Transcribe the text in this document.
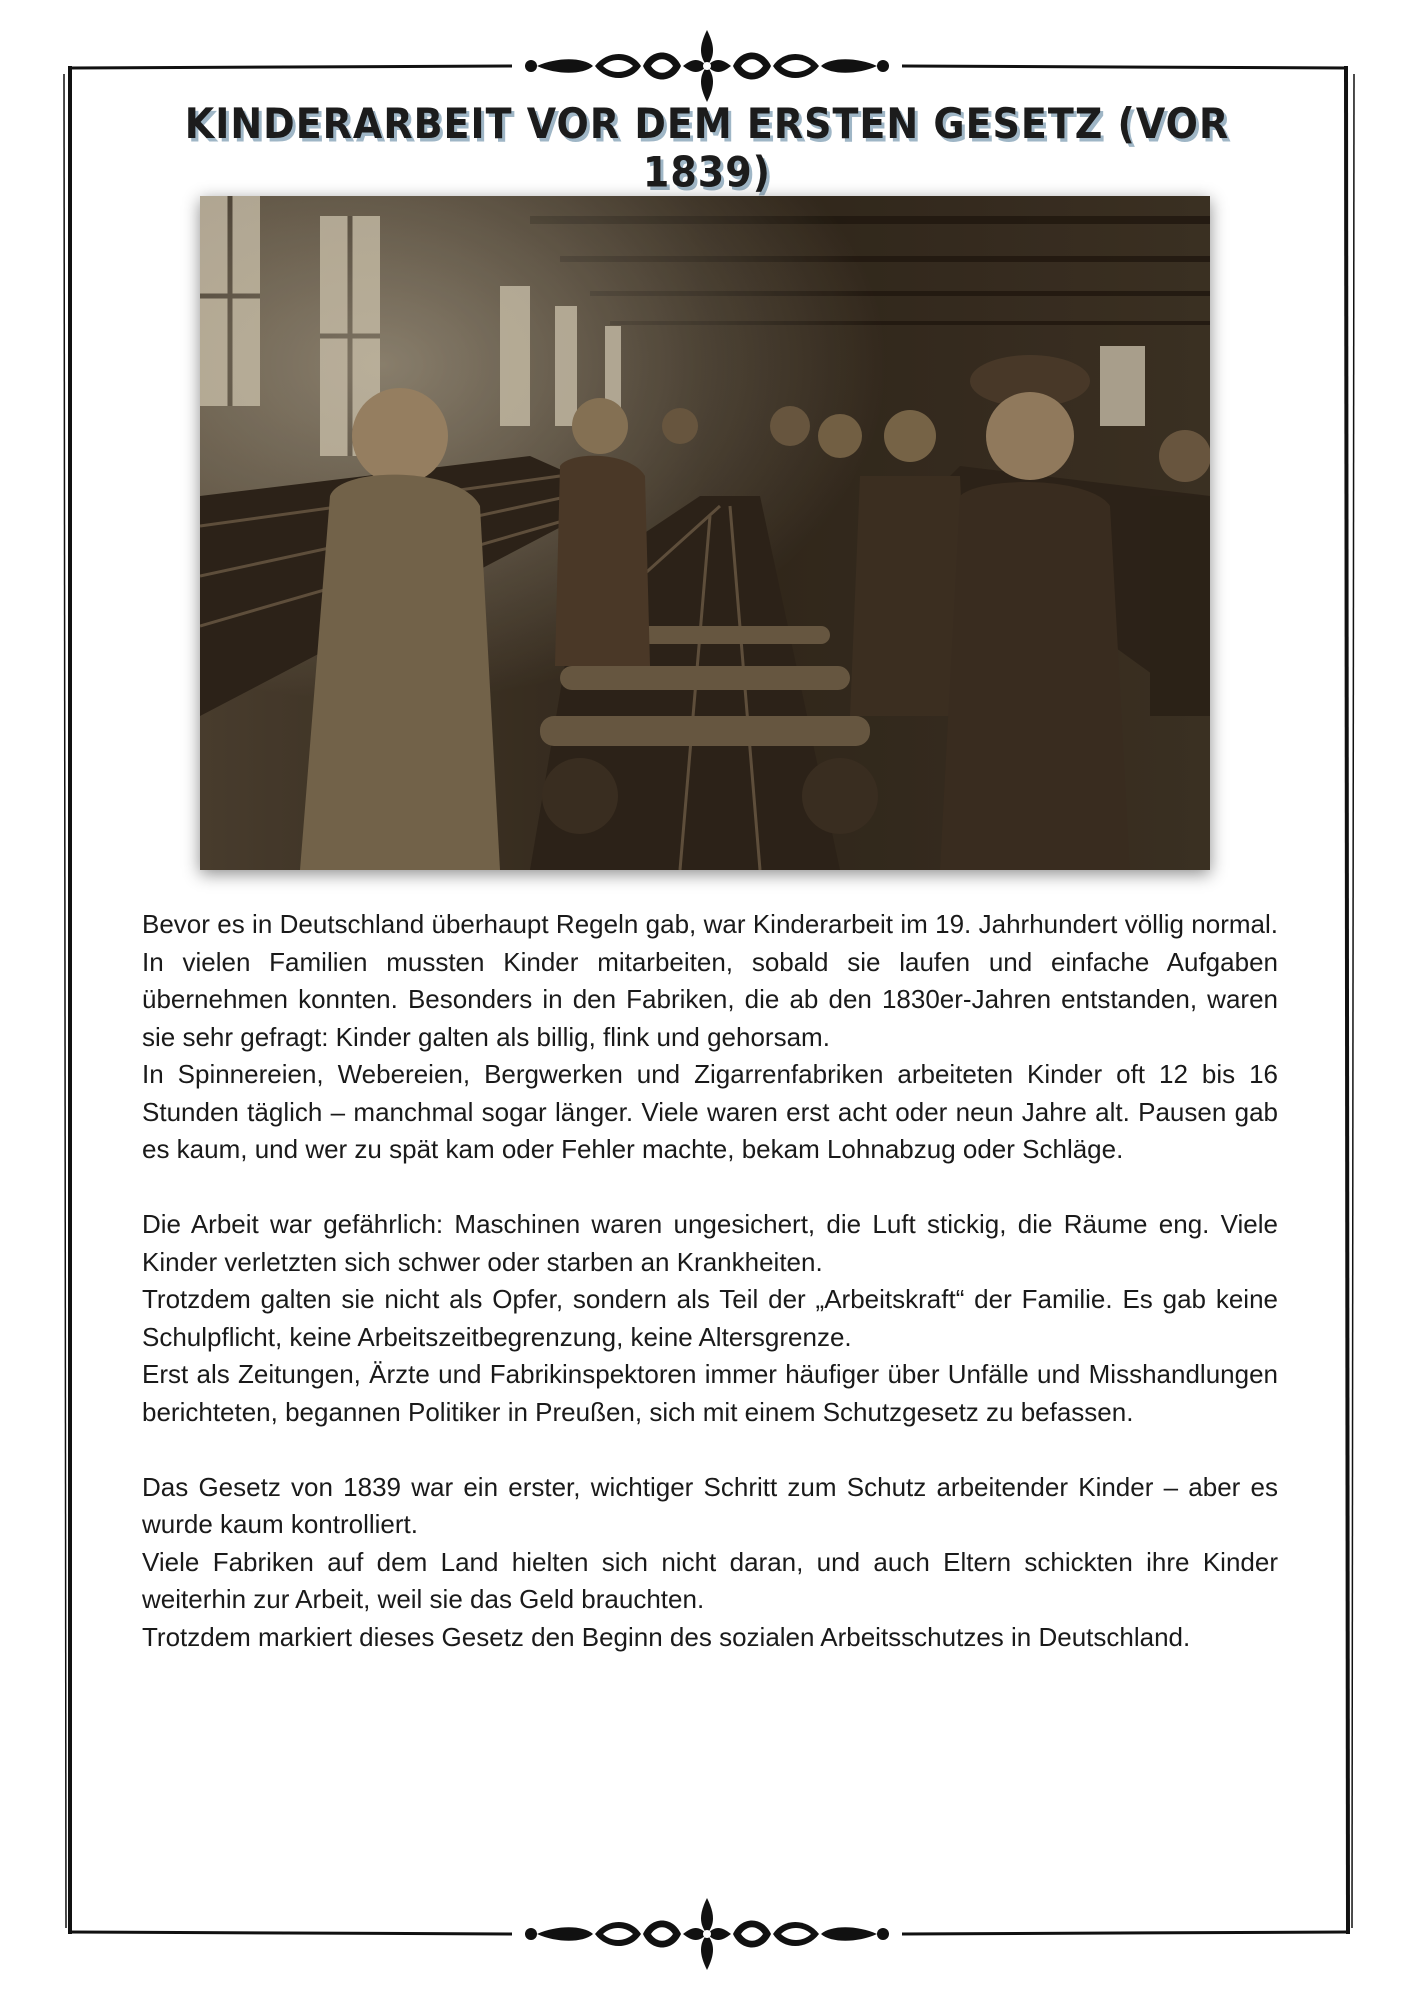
KINDERARBEIT VOR DEM ERSTEN GESETZ (VOR 1839)

Bevor es in Deutschland überhaupt Regeln gab, war Kinderarbeit im 19. Jahrhundert völlig normal. In vielen Familien mussten Kinder mitarbeiten, sobald sie laufen und einfache Aufgaben übernehmen konnten. Besonders in den Fabriken, die ab den 1830er-Jahren entstanden, waren sie sehr gefragt: Kinder galten als billig, flink und gehorsam.

In Spinnereien, Webereien, Bergwerken und Zigarrenfabriken arbeiteten Kinder oft 12 bis 16 Stunden täglich – manchmal sogar länger. Viele waren erst acht oder neun Jahre alt. Pausen gab es kaum, und wer zu spät kam oder Fehler machte, bekam Lohnabzug oder Schläge.

Die Arbeit war gefährlich: Maschinen waren ungesichert, die Luft stickig, die Räume eng. Viele Kinder verletzten sich schwer oder starben an Krankheiten.

Trotzdem galten sie nicht als Opfer, sondern als Teil der „Arbeitskraft“ der Familie. Es gab keine Schulpflicht, keine Arbeitszeitbegrenzung, keine Altersgrenze.

Erst als Zeitungen, Ärzte und Fabrikinspektoren immer häufiger über Unfälle und Misshandlungen berichteten, begannen Politiker in Preußen, sich mit einem Schutzgesetz zu befassen.

Das Gesetz von 1839 war ein erster, wichtiger Schritt zum Schutz arbeitender Kinder – aber es wurde kaum kontrolliert.

Viele Fabriken auf dem Land hielten sich nicht daran, und auch Eltern schickten ihre Kinder weiterhin zur Arbeit, weil sie das Geld brauchten.

Trotzdem markiert dieses Gesetz den Beginn des sozialen Arbeitsschutzes in Deutschland.
